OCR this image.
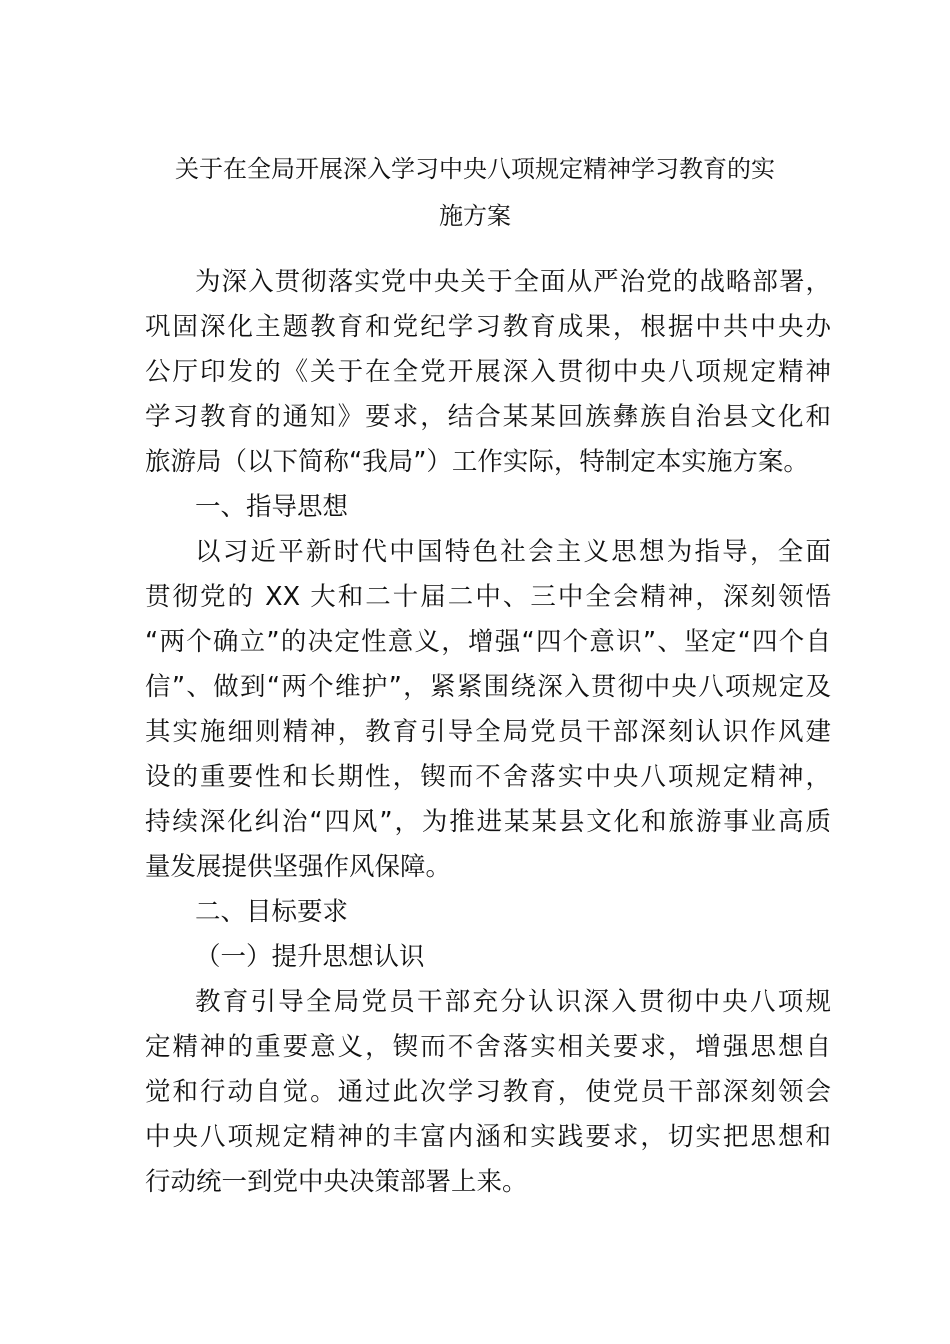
关于在全局开展深入学习中央八项规定精神学习教育的实
施方案
为深入贯彻落实党中央关于全面从严治党的战略部署，
巩固深化主题教育和党纪学习教育成果，根据中共中央办
公厅印发的《关于在全党开展深入贯彻中央八项规定精神
学习教育的通知》要求，结合某某回族彝族自治县文化和
旅游局（以下简称“我局”）工作实际，特制定本实施方案。
一、指导思想
以习近平新时代中国特色社会主义思想为指导，全面
贯彻党的 XX 大和二十届二中、三中全会精神，深刻领悟
“两个确立”的决定性意义，增强“四个意识”、坚定“四个自
信”、做到“两个维护”，紧紧围绕深入贯彻中央八项规定及
其实施细则精神，教育引导全局党员干部深刻认识作风建
设的重要性和长期性，锲而不舍落实中央八项规定精神，
持续深化纠治“四风”，为推进某某县文化和旅游事业高质
量发展提供坚强作风保障。
二、目标要求
（一）提升思想认识
教育引导全局党员干部充分认识深入贯彻中央八项规
定精神的重要意义，锲而不舍落实相关要求，增强思想自
觉和行动自觉。通过此次学习教育，使党员干部深刻领会
中央八项规定精神的丰富内涵和实践要求，切实把思想和
行动统一到党中央决策部署上来。
